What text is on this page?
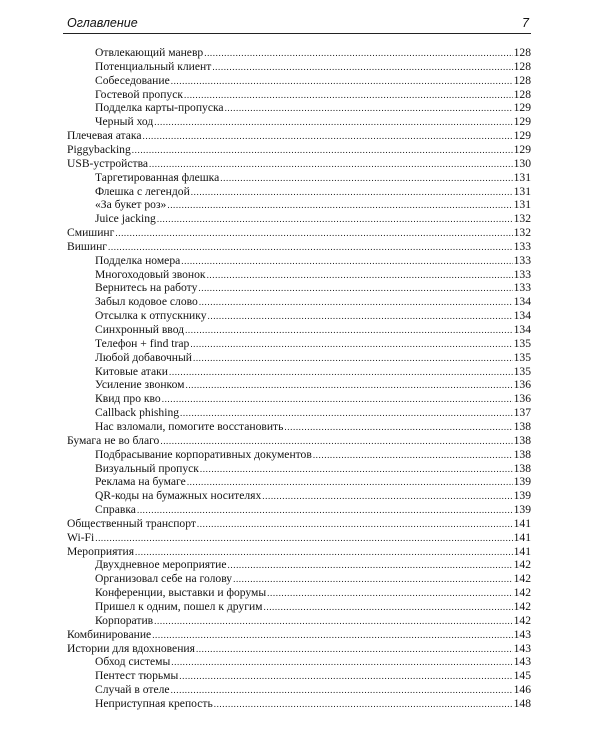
Оглавление	7
Отвлекающий маневр .....	128
Потенциальный клиент .....	128
Собеседование .....	128
Гостевой пропуск .....	128
Подделка карты-пропуска .....	129
Черный ход .....	129
Плечевая атака .....	129
Piggybacking .....	129
USB-устройства .....	130
Таргетированная флешка .....	131
Флешка с легендой .....	131
«За букет роз» .....	131
Juice jacking .....	132
Смишинг .....	132
Вишинг .....	133
Подделка номера .....	133
Многоходовый звонок .....	133
Вернитесь на работу .....	133
Забыл кодовое слово .....	134
Отсылка к отпускнику .....	134
Синхронный ввод .....	134
Телефон + find trap .....	135
Любой добавочный .....	135
Китовые атаки .....	135
Усиление звонком .....	136
Квид про кво .....	136
Callback phishing .....	137
Нас взломали, помогите восстановить .....	138
Бумага не во благо .....	138
Подбрасывание корпоративных документов .....	138
Визуальный пропуск .....	138
Реклама на бумаге .....	139
QR-коды на бумажных носителях .....	139
Справка .....	139
Общественный транспорт .....	141
Wi-Fi .....	141
Мероприятия .....	141
Двухдневное мероприятие .....	142
Организовал себе на голову .....	142
Конференции, выставки и форумы .....	142
Пришел к одним, пошел к другим .....	142
Корпоратив .....	142
Комбинирование .....	143
Истории для вдохновения .....	143
Обход системы .....	143
Пентест тюрьмы .....	145
Случай в отеле .....	146
Неприступная крепость .....	148
